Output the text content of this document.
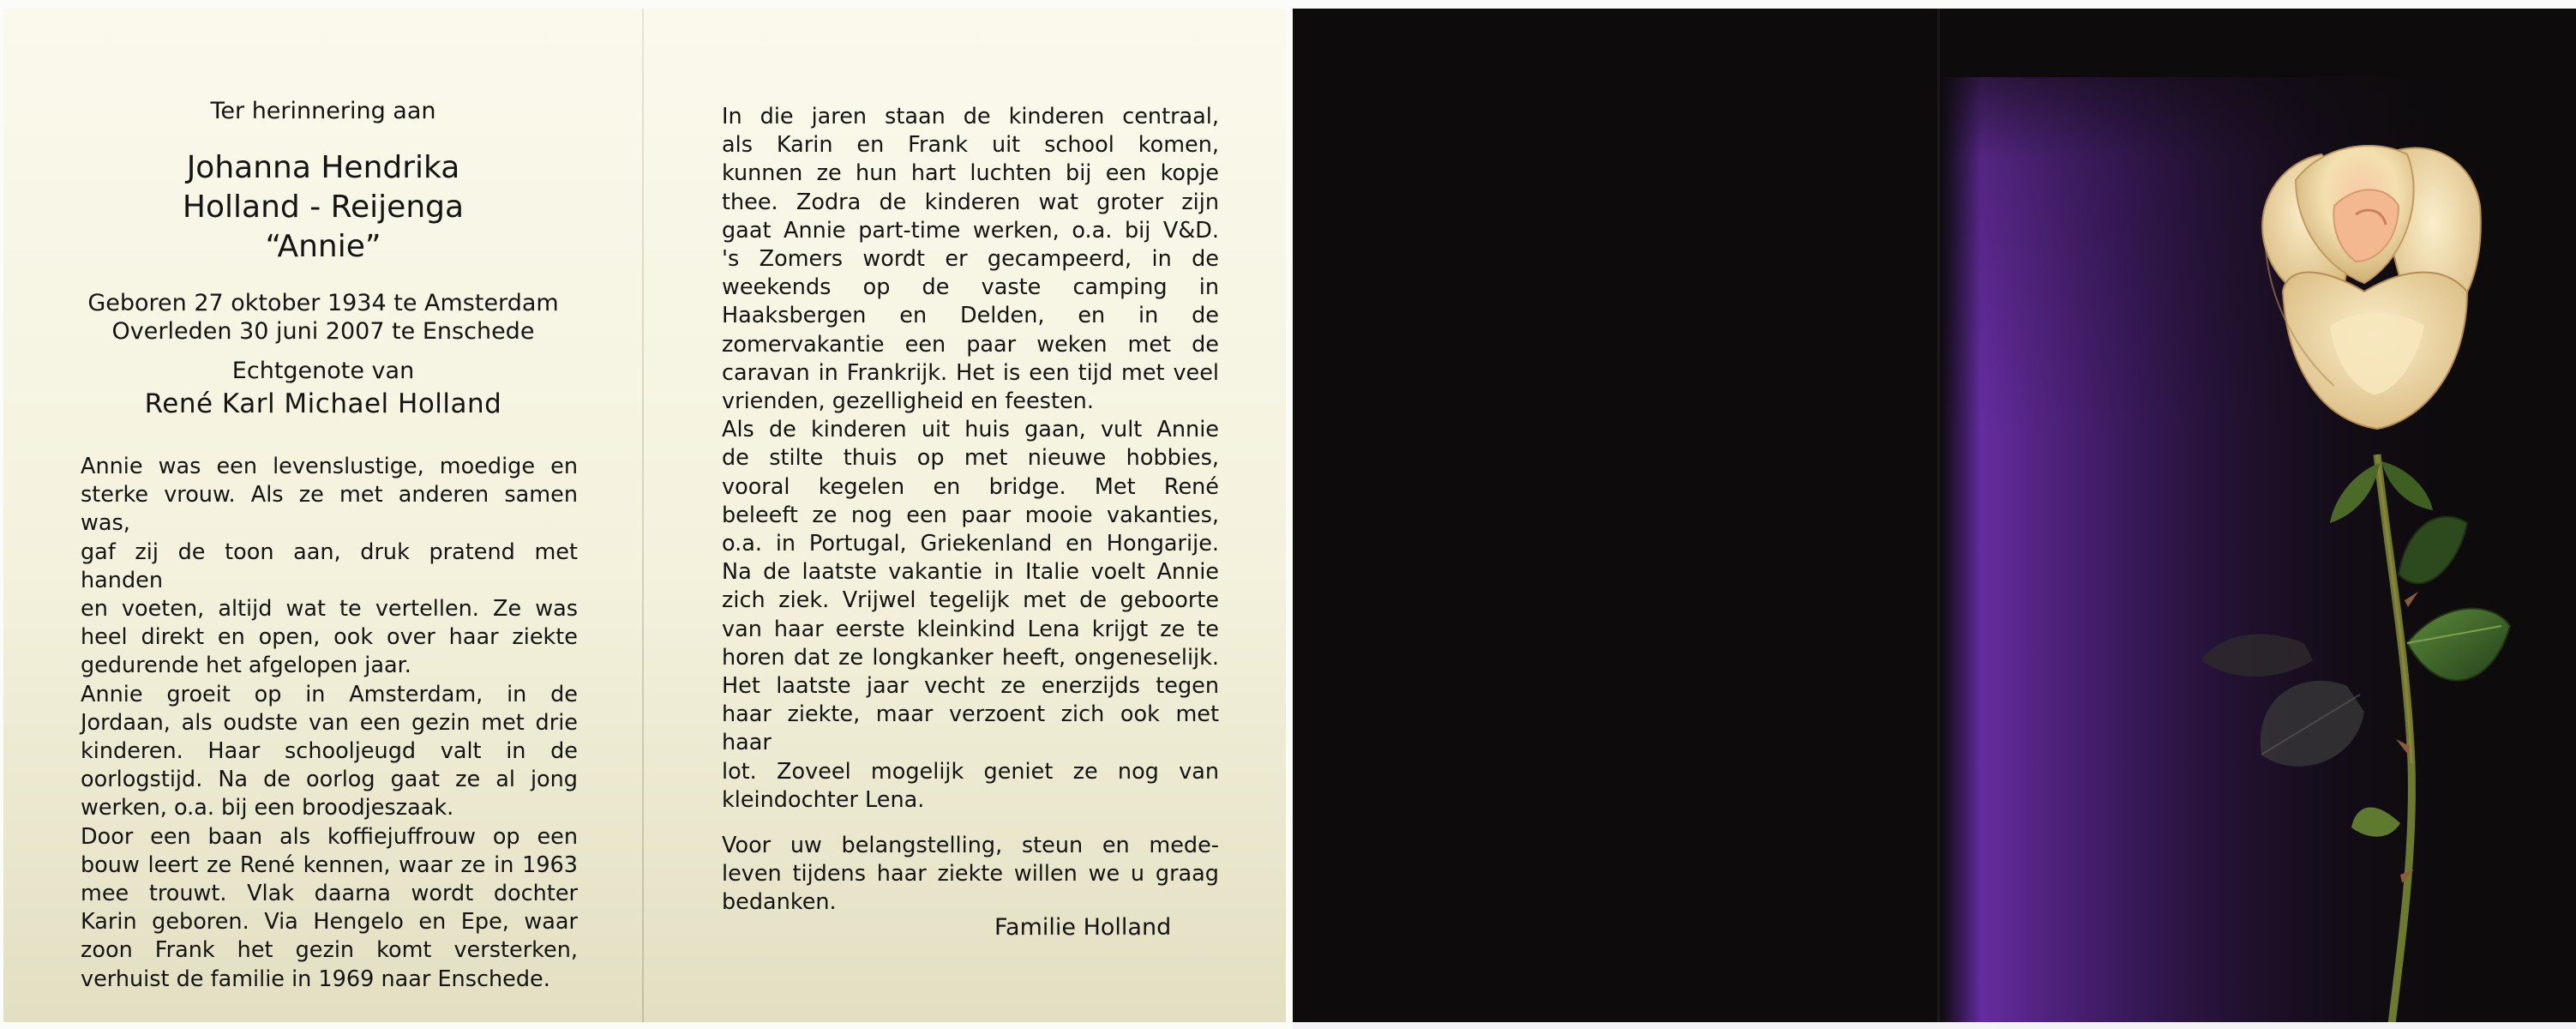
Ter herinnering aan
Johanna Hendrika
Holland - Reijenga
“Annie”
Geboren 27 oktober 1934 te Amsterdam
Overleden 30 juni 2007 te Enschede
Echtgenote van
René Karl Michael Holland
Annie was een levenslustige, moedige en
sterke vrouw. Als ze met anderen samen was,
gaf zij de toon aan, druk pratend met handen
en voeten, altijd wat te vertellen. Ze was
heel direkt en open, ook over haar ziekte
gedurende het afgelopen jaar.
Annie groeit op in Amsterdam, in de
Jordaan, als oudste van een gezin met drie
kinderen. Haar schooljeugd valt in de
oorlogstijd. Na de oorlog gaat ze al jong
werken, o.a. bij een broodjeszaak.
Door een baan als koffiejuffrouw op een
bouw leert ze René kennen, waar ze in 1963
mee trouwt. Vlak daarna wordt dochter
Karin geboren. Via Hengelo en Epe, waar
zoon Frank het gezin komt versterken,
verhuist de familie in 1969 naar Enschede.
In die jaren staan de kinderen centraal,
als Karin en Frank uit school komen,
kunnen ze hun hart luchten bij een kopje
thee. Zodra de kinderen wat groter zijn
gaat Annie part-time werken, o.a. bij V&D.
's Zomers wordt er gecampeerd, in de
weekends op de vaste camping in
Haaksbergen en Delden, en in de
zomervakantie een paar weken met de
caravan in Frankrijk. Het is een tijd met veel
vrienden, gezelligheid en feesten.
Als de kinderen uit huis gaan, vult Annie
de stilte thuis op met nieuwe hobbies,
vooral kegelen en bridge. Met René
beleeft ze nog een paar mooie vakanties,
o.a. in Portugal, Griekenland en Hongarije.
Na de laatste vakantie in Italie voelt Annie
zich ziek. Vrijwel tegelijk met de geboorte
van haar eerste kleinkind Lena krijgt ze te
horen dat ze longkanker heeft, ongeneselijk.
Het laatste jaar vecht ze enerzijds tegen
haar ziekte, maar verzoent zich ook met haar
lot. Zoveel mogelijk geniet ze nog van
kleindochter Lena.
Voor uw belangstelling, steun en mede-
leven tijdens haar ziekte willen we u graag
bedanken.
Familie Holland
